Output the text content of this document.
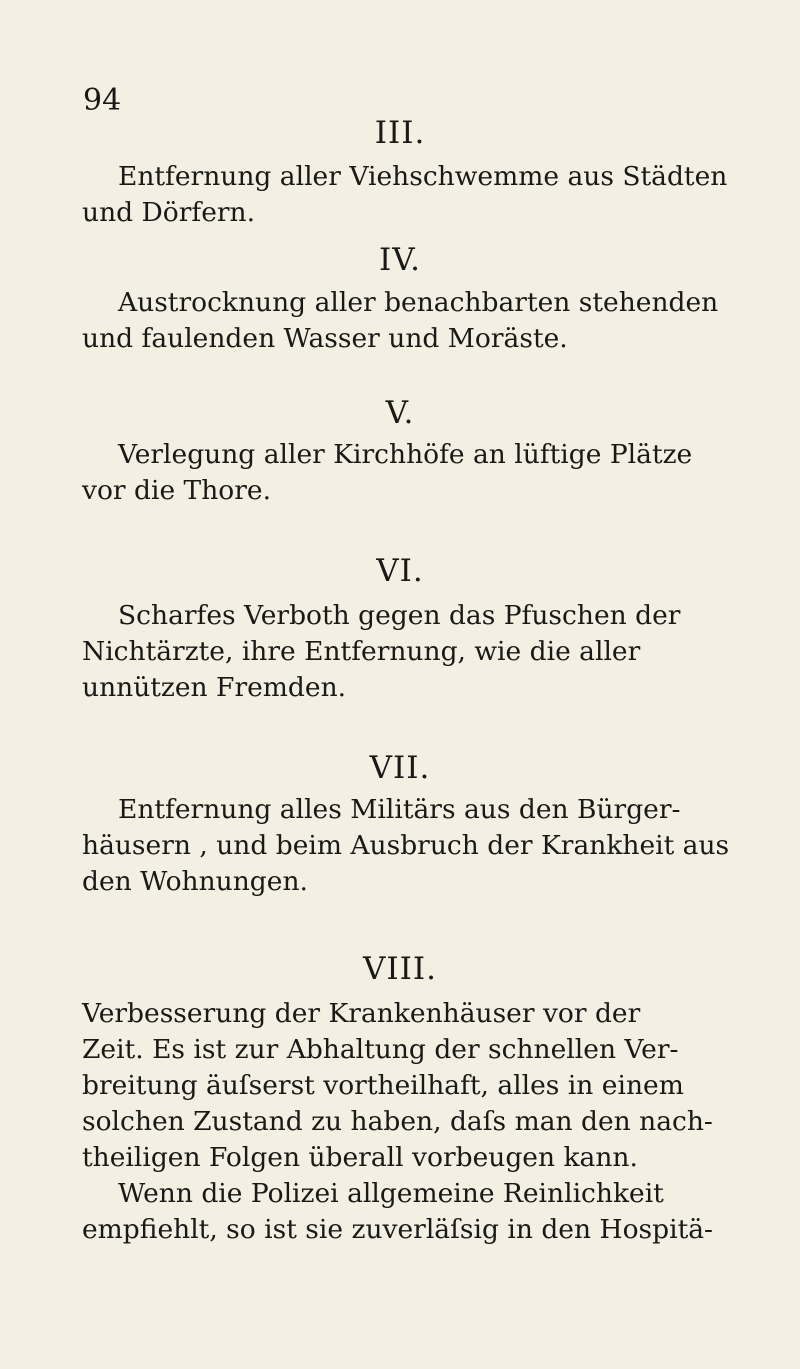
94
III.
Entfernung aller Viehschwemme aus Städten
und Dörfern.
IV.
Austrocknung aller benachbarten stehenden
und faulenden Wasser und Moräste.
V.
Verlegung aller Kirchhöfe an lüftige Plätze
vor die Thore.
VI.
Scharfes Verboth gegen das Pfuschen der
Nichtärzte, ihre Entfernung, wie die aller
unnützen Fremden.
VII.
Entfernung alles Militärs aus den Bürger-
häusern , und beim Ausbruch der Krankheit aus
den Wohnungen.
VIII.
Verbesserung der Krankenhäuser vor der
Zeit. Es ist zur Abhaltung der schnellen Ver-
breitung äuſserst vortheilhaft, alles in einem
solchen Zustand zu haben, daſs man den nach-
theiligen Folgen überall vorbeugen kann.
Wenn die Polizei allgemeine Reinlichkeit
empfiehlt, so ist sie zuverläſsig in den Hospitä-
